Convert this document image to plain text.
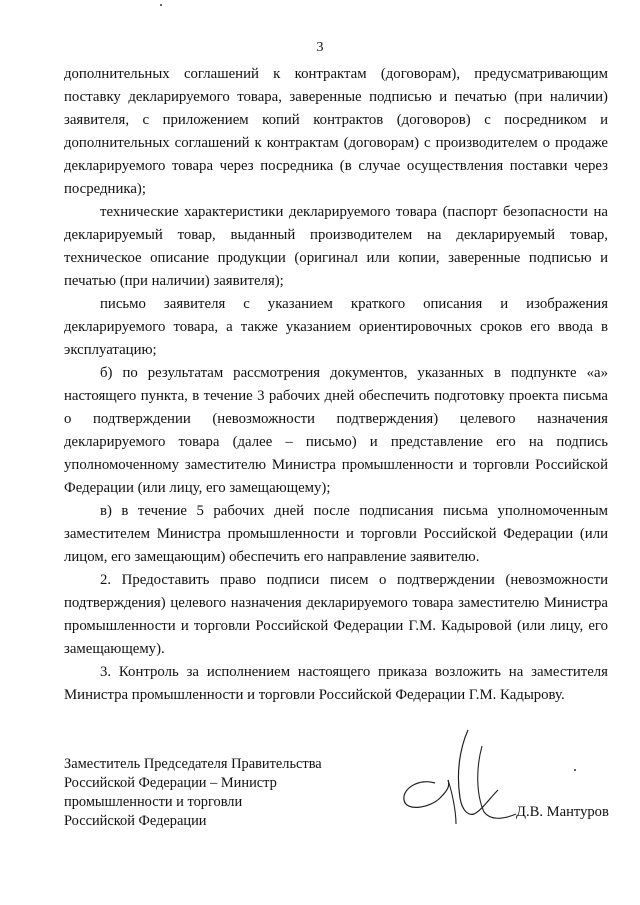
3

дополнительных соглашений к контрактам (договорам), предусматривающим поставку декларируемого товара, заверенные подписью и печатью (при наличии) заявителя, с приложением копий контрактов (договоров) с посредником и дополнительных соглашений к контрактам (договорам) с производителем о продаже декларируемого товара через посредника (в случае осуществления поставки через посредника);

технические характеристики декларируемого товара (паспорт безопасности на декларируемый товар, выданный производителем на декларируемый товар, техническое описание продукции (оригинал или копии, заверенные подписью и печатью (при наличии) заявителя);

письмо заявителя с указанием краткого описания и изображения декларируемого товара, а также указанием ориентировочных сроков его ввода в эксплуатацию;

б) по результатам рассмотрения документов, указанных в подпункте «а» настоящего пункта, в течение 3 рабочих дней обеспечить подготовку проекта письма о подтверждении (невозможности подтверждения) целевого назначения декларируемого товара (далее – письмо) и представление его на подпись уполномоченному заместителю Министра промышленности и торговли Российской Федерации (или лицу, его замещающему);

в) в течение 5 рабочих дней после подписания письма уполномоченным заместителем Министра промышленности и торговли Российской Федерации (или лицом, его замещающим) обеспечить его направление заявителю.

2. Предоставить право подписи писем о подтверждении (невозможности подтверждения) целевого назначения декларируемого товара заместителю Министра промышленности и торговли Российской Федерации Г.М. Кадыровой (или лицу, его замещающему).

3. Контроль за исполнением настоящего приказа возложить на заместителя Министра промышленности и торговли Российской Федерации Г.М. Кадырову.

Заместитель Председателя Правительства
Российской Федерации – Министр
промышленности и торговли
Российской Федерации
Д.В. Мантуров
